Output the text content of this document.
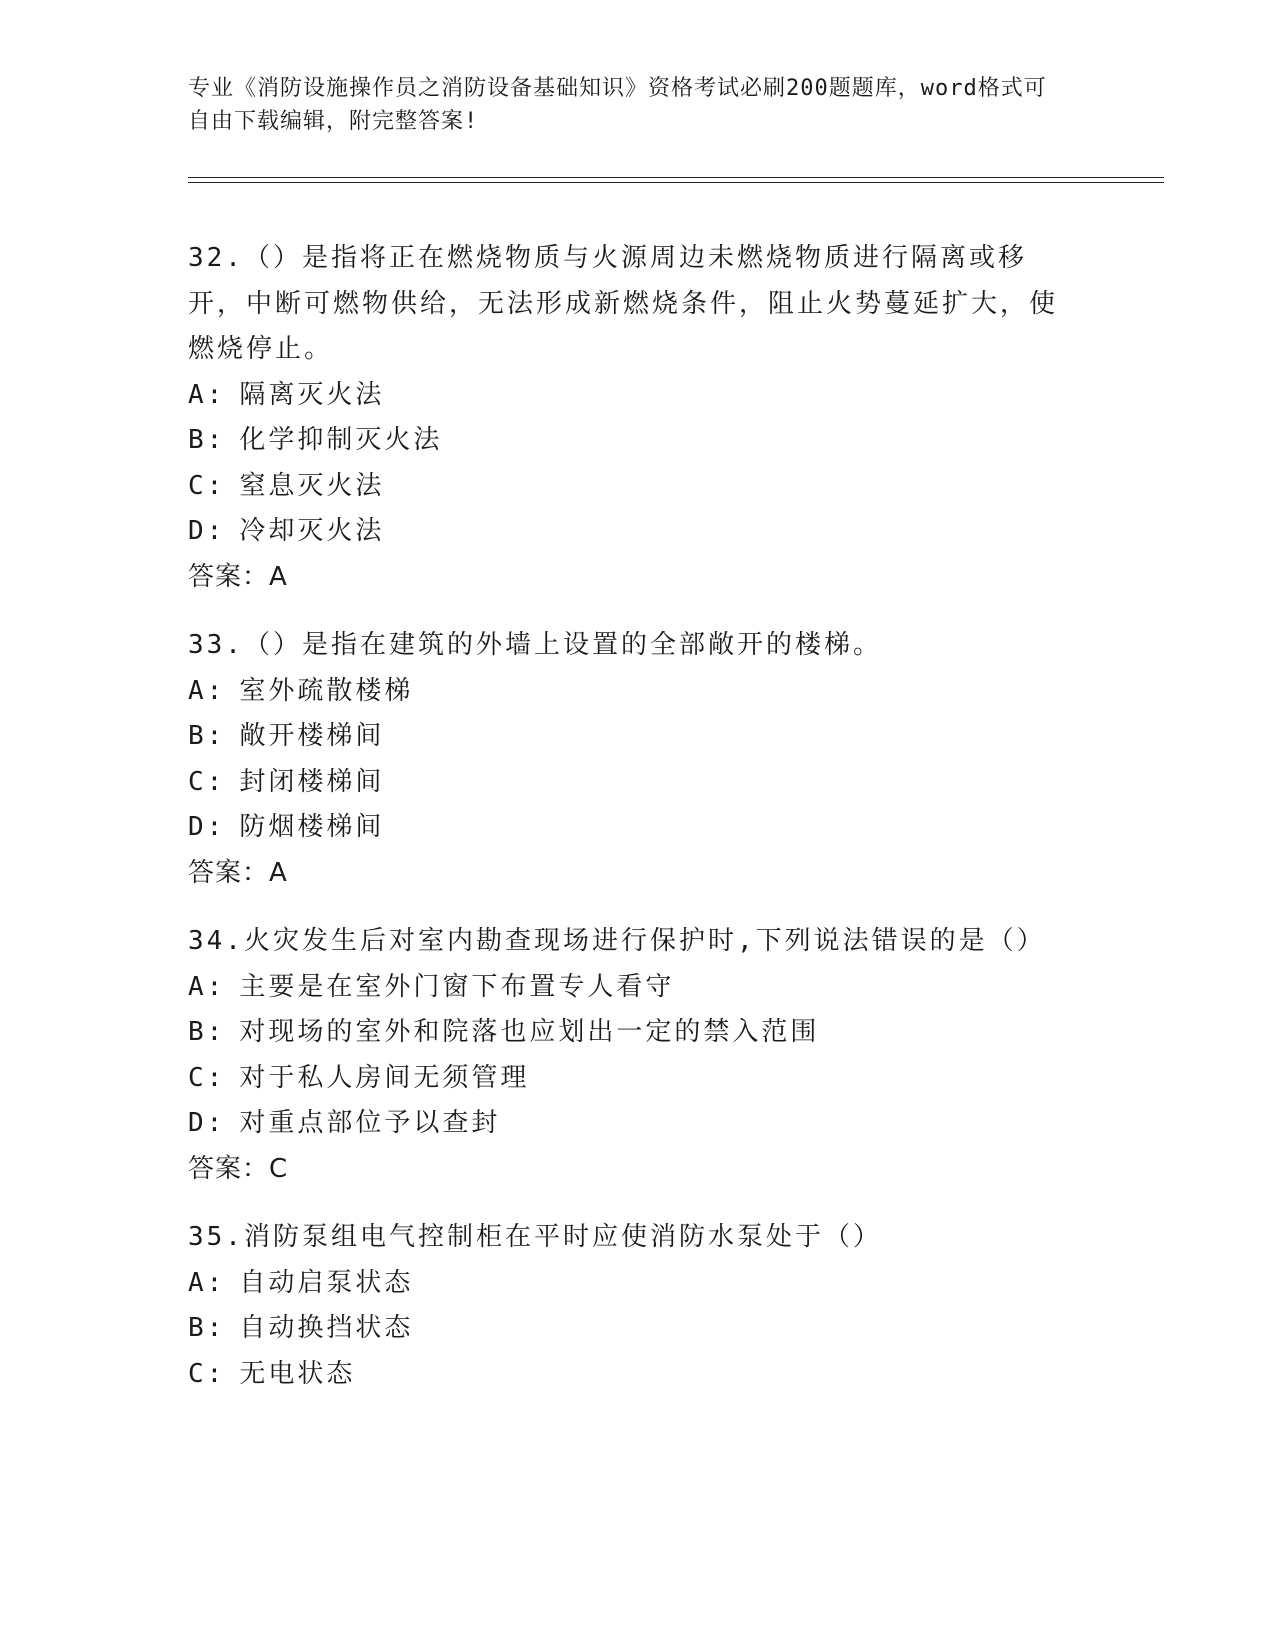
专业《消防设施操作员之消防设备基础知识》资格考试必刷200题题库，word格式可自由下载编辑，附完整答案!

32.（）是指将正在燃烧物质与火源周边未燃烧物质进行隔离或移开，中断可燃物供给，无法形成新燃烧条件，阻止火势蔓延扩大，使燃烧停止。

A: 隔离灭火法

B: 化学抑制灭火法

C: 窒息灭火法

D: 冷却灭火法

答案：A

33.（）是指在建筑的外墙上设置的全部敞开的楼梯。

A: 室外疏散楼梯

B: 敞开楼梯间

C: 封闭楼梯间

D: 防烟楼梯间

答案：A

34.火灾发生后对室内勘查现场进行保护时,下列说法错误的是（）

A: 主要是在室外门窗下布置专人看守

B: 对现场的室外和院落也应划出一定的禁入范围

C: 对于私人房间无须管理

D: 对重点部位予以查封

答案：C

35.消防泵组电气控制柜在平时应使消防水泵处于（）

A: 自动启泵状态

B: 自动换挡状态

C: 无电状态
